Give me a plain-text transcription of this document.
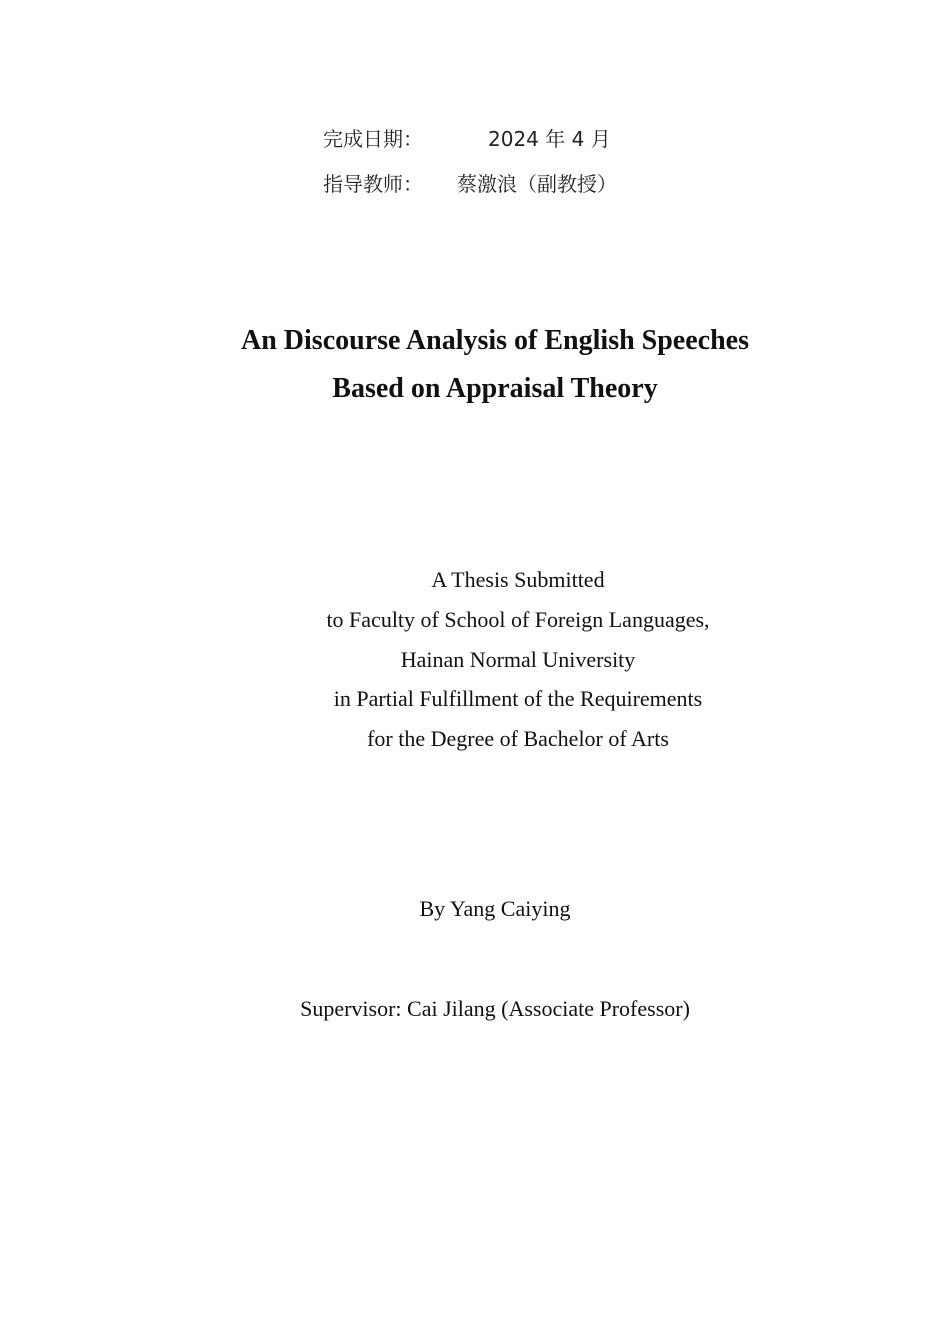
完成日期：	2024 年 4 月
指导教师： 蔡激浪（副教授）
An Discourse Analysis of English Speeches
Based on Appraisal Theory
A Thesis Submitted
to Faculty of School of Foreign Languages,
Hainan Normal University
in Partial Fulfillment of the Requirements
for the Degree of Bachelor of Arts
By Yang Caiying
Supervisor: Cai Jilang (Associate Professor)
